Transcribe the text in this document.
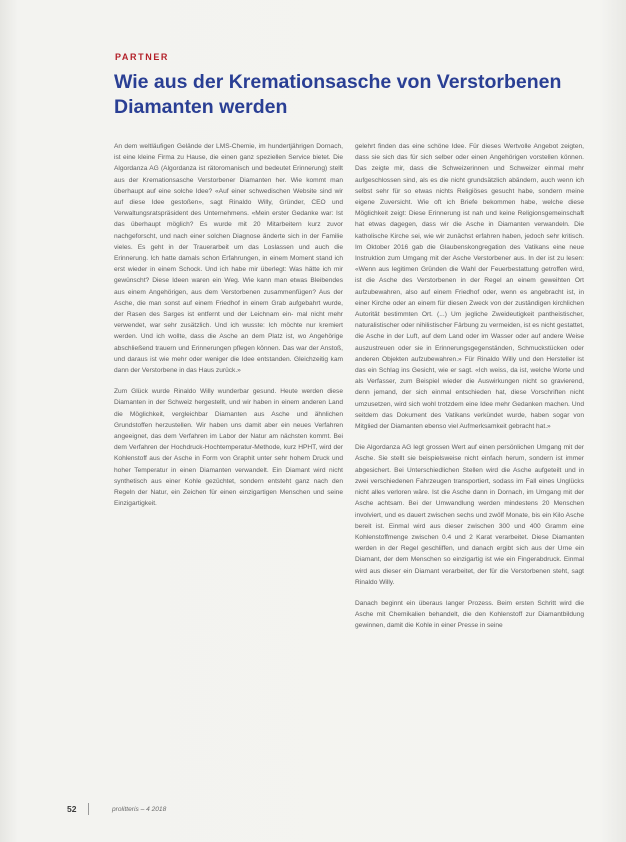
PARTNER
Wie aus der Kremationsasche von Verstorbenen Diamanten werden

An dem weltläufigen Gelände der LMS-Chemie, im hundertjährigen Dornach, ist eine kleine Firma zu Hause, die einen ganz speziellen Service bietet. Die Algordanza AG (Algordanza ist rätoromanisch und bedeutet Erinnerung) stellt aus der Kremationsasche Verstorbener Diamanten her. Wie kommt man überhaupt auf eine solche Idee? «Auf einer schwedischen Website sind wir auf diese Idee gestoßen», sagt Rinaldo Willy, Gründer, CEO und Verwaltungsratspräsident des Unternehmens. «Mein erster Gedanke war: Ist das überhaupt möglich? Es wurde mit 20 Mitarbeitern kurz zuvor nachgeforscht, und nach einer solchen Diagnose änderte sich in der Familie vieles. Es geht in der Trauerarbeit um das Loslassen und auch die Erinnerung. Ich hatte damals schon Erfahrungen, in einem Moment stand ich erst wieder in einem Schock. Und ich habe mir überlegt: Was hätte ich mir gewünscht? Diese Ideen waren ein Weg. Wie kann man etwas Bleibendes aus einem Angehörigen, aus dem Verstorbenen zusammenfügen? Aus der Asche, die man sonst auf einem Friedhof in einem Grab aufgebahrt wurde, der Rasen des Sarges ist entfernt und der Leichnam ein- mal nicht mehr verwendet, war sehr zusätzlich. Und ich wusste: Ich möchte nur kremiert werden. Und ich wollte, dass die Asche an dem Platz ist, wo Angehörige abschließend trauern und Erinnerungen pflegen können. Das war der Anstoß, und daraus ist wie mehr oder weniger die Idee entstanden. Gleichzeitig kam dann der Verstorbene in das Haus zurück.»

Zum Glück wurde Rinaldo Willy wunderbar gesund. Heute werden diese Diamanten in der Schweiz hergestellt, und wir haben in einem anderen Land die Möglichkeit, vergleichbar Diamanten aus Asche und ähnlichen Grundstoffen herzustellen. Wir haben uns damit aber ein neues Verfahren angeeignet, das dem Verfahren im Labor der Natur am nächsten kommt. Bei dem Verfahren der Hochdruck-Hochtemperatur-Methode, kurz HPHT, wird der Kohlenstoff aus der Asche in Form von Graphit unter sehr hohem Druck und hoher Temperatur in einen Diamanten verwandelt. Ein Diamant wird nicht synthetisch aus einer Kohle gezüchtet, sondern entsteht ganz nach den Regeln der Natur, ein Zeichen für einen einzigartigen Menschen und seine Einzigartigkeit.

gelehrt finden das eine schöne Idee. Für dieses Wertvolle Angebot zeigten, dass sie sich das für sich selber oder einen Angehörigen vorstellen können. Das zeigte mir, dass die Schweizerinnen und Schweizer einmal mehr aufgeschlossen sind, als es die nicht grundsätzlich abändern, auch wenn ich selbst sehr für so etwas nichts Religiöses gesucht habe, sondern meine eigene Zuversicht. Wie oft ich Briefe bekommen habe, welche diese Möglichkeit zeigt: Diese Erinnerung ist nah und keine Religionsgemeinschaft hat etwas dagegen, dass wir die Asche in Diamanten verwandeln. Die katholische Kirche sei, wie wir zunächst erfahren haben, jedoch sehr kritisch. Im Oktober 2016 gab die Glaubenskongregation des Vatikans eine neue Instruktion zum Umgang mit der Asche Verstorbener aus. In der ist zu lesen: «Wenn aus legitimen Gründen die Wahl der Feuerbestattung getroffen wird, ist die Asche des Verstorbenen in der Regel an einem geweihten Ort aufzubewahren, also auf einem Friedhof oder, wenn es angebracht ist, in einer Kirche oder an einem für diesen Zweck von der zuständigen kirchlichen Autorität bestimmten Ort. (...) Um jegliche Zweideutigkeit pantheistischer, naturalistischer oder nihilistischer Färbung zu vermeiden, ist es nicht gestattet, die Asche in der Luft, auf dem Land oder im Wasser oder auf andere Weise auszustreuen oder sie in Erinnerungsgegenständen, Schmuckstücken oder anderen Objekten aufzubewahren.» Für Rinaldo Willy und den Hersteller ist das ein Schlag ins Gesicht, wie er sagt. «Ich weiss, da ist, welche Worte und als Verfasser, zum Beispiel wieder die Auswirkungen nicht so gravierend, denn jemand, der sich einmal entschieden hat, diese Vorschriften nicht umzusetzen, wird sich wohl trotzdem eine Idee mehr Gedanken machen. Und seitdem das Dokument des Vatikans verkündet wurde, haben sogar von Mitglied der Diamanten ebenso viel Aufmerksamkeit gebracht hat.»

Die Algordanza AG legt grossen Wert auf einen persönlichen Umgang mit der Asche. Sie stellt sie beispielsweise nicht einfach herum, sondern ist immer abgesichert. Bei Unterschiedlichen Stellen wird die Asche aufgeteilt und in zwei verschiedenen Fahrzeugen transportiert, sodass im Fall eines Unglücks nicht alles verloren wäre. Ist die Asche dann in Dornach, im Umgang mit der Asche achtsam. Bei der Umwandlung werden mindestens 20 Menschen involviert, und es dauert zwischen sechs und zwölf Monate, bis ein Kilo Asche bereit ist. Einmal wird aus dieser zwischen 300 und 400 Gramm eine Kohlenstoffmenge zwischen 0.4 und 2 Karat verarbeitet. Diese Diamanten werden in der Regel geschliffen, und danach ergibt sich aus der Urne ein Diamant, der dem Menschen so einzigartig ist wie ein Fingerabdruck. Einmal wird aus dieser ein Diamant verarbeitet, der für die Verstorbenen steht, sagt Rinaldo Willy.

Danach beginnt ein überaus langer Prozess. Beim ersten Schritt wird die Asche mit Chemikalien behandelt, die den Kohlenstoff zur Diamantbildung gewinnen, damit die Kohle in einer Presse in seine

52	prolitteris – 4 2018
